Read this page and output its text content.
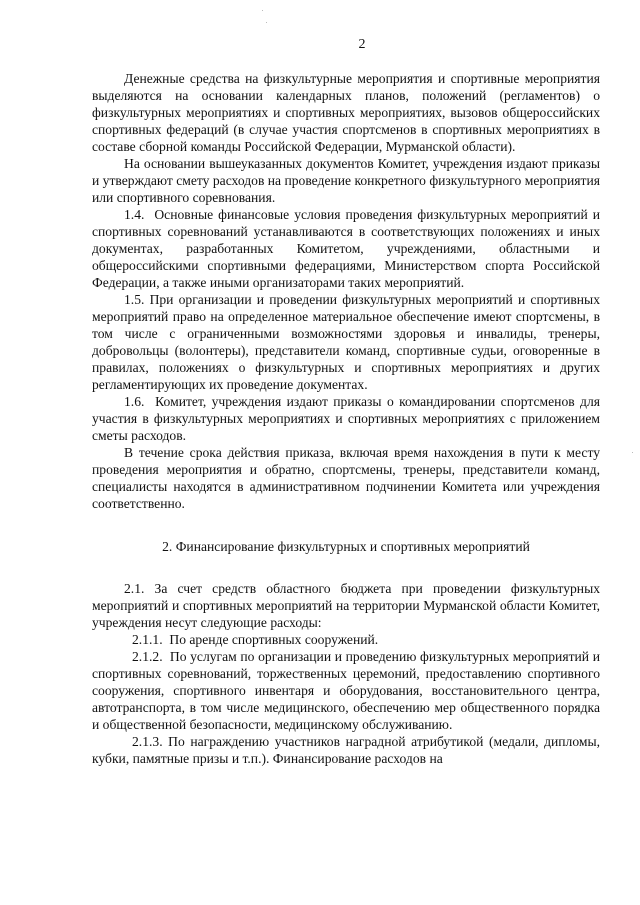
2

Денежные средства на физкультурные мероприятия и спортивные мероприятия выделяются на основании календарных планов, положений (регламентов) о физкультурных мероприятиях и спортивных мероприятиях, вызовов общероссийских спортивных федераций (в случае участия спортсменов в спортивных мероприятиях в составе сборной команды Российской Федерации, Мурманской области).

На основании вышеуказанных документов Комитет, учреждения издают приказы и утверждают смету расходов на проведение конкретного физкультурного мероприятия или спортивного соревнования.

1.4.  Основные финансовые условия проведения физкультурных мероприятий и спортивных соревнований устанавливаются в соответствующих положениях и иных документах, разработанных Комитетом, учреждениями, областными и общероссийскими спортивными федерациями, Министерством спорта Российской Федерации, а также иными организаторами таких мероприятий.

1.5. При организации и проведении физкультурных мероприятий и спортивных мероприятий право на определенное материальное обеспечение имеют спортсмены, в том числе с ограниченными возможностями здоровья и инвалиды, тренеры, добровольцы (волонтеры), представители команд, спортивные судьи, оговоренные в правилах, положениях о физкультурных и спортивных мероприятиях и других регламентирующих их проведение документах.

1.6.  Комитет, учреждения издают приказы о командировании спортсменов для участия в физкультурных мероприятиях и спортивных мероприятиях с приложением сметы расходов.

В течение срока действия приказа, включая время нахождения в пути к месту проведения мероприятия и обратно, спортсмены, тренеры, представители команд, специалисты находятся в административном подчинении Комитета или учреждения соответственно.

2. Финансирование физкультурных и спортивных мероприятий

2.1. За счет средств областного бюджета при проведении физкультурных мероприятий и спортивных мероприятий на территории Мурманской области Комитет, учреждения несут следующие расходы:

2.1.1.  По аренде спортивных сооружений.

2.1.2.  По услугам по организации и проведению физкультурных мероприятий и спортивных соревнований, торжественных церемоний, предоставлению спортивного сооружения, спортивного инвентаря и оборудования, восстановительного центра, автотранспорта, в том числе медицинского, обеспечению мер общественного порядка и общественной безопасности, медицинскому обслуживанию.

2.1.3. По награждению участников наградной атрибутикой (медали, дипломы, кубки, памятные призы и т.п.). Финансирование расходов на
